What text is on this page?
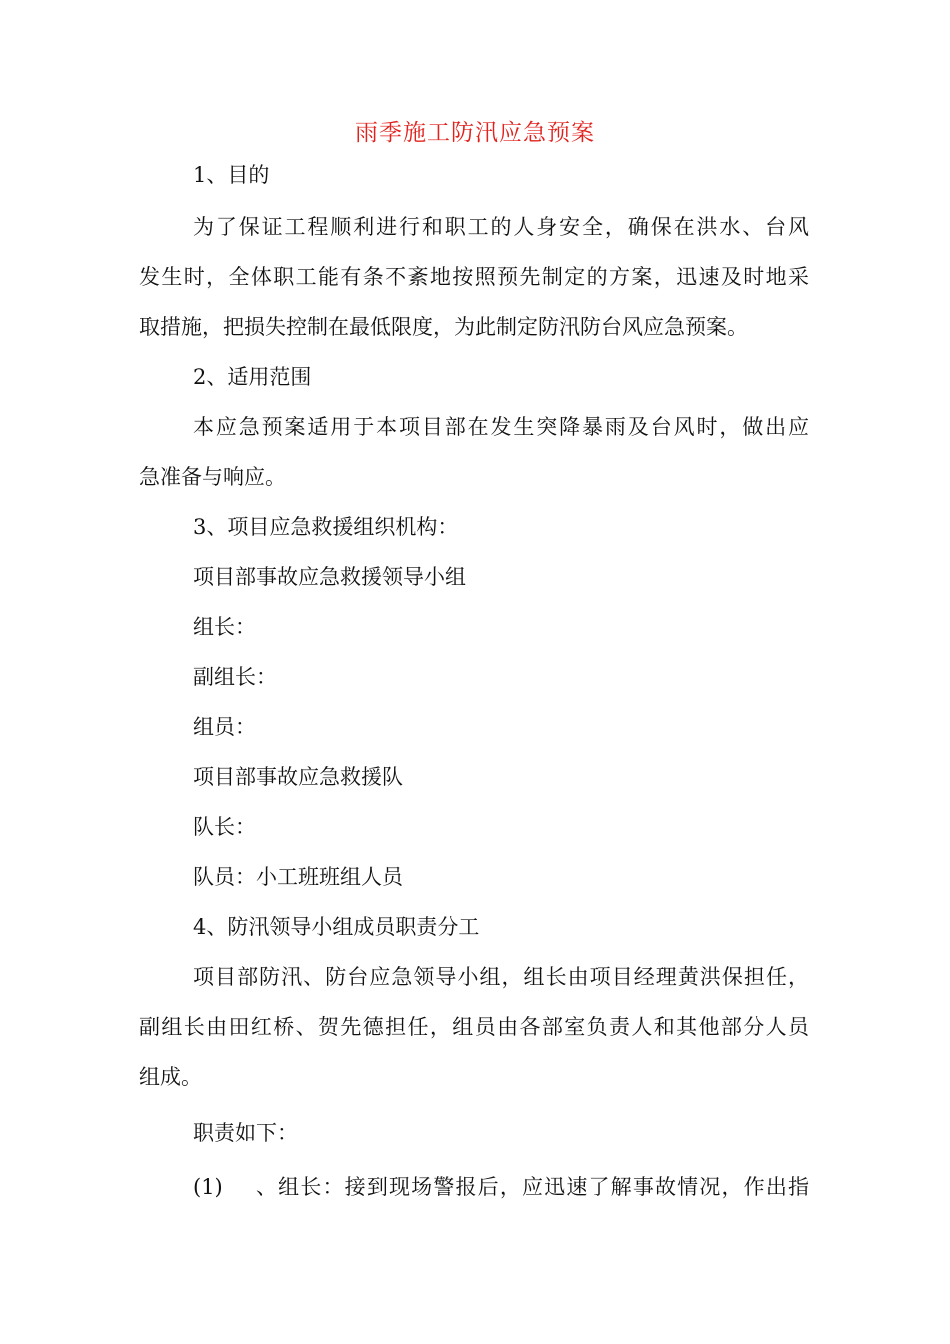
雨季施工防汛应急预案
1、目的
为了保证工程顺利进行和职工的人身安全，确保在洪水、台风
发生时，全体职工能有条不紊地按照预先制定的方案，迅速及时地采
取措施，把损失控制在最低限度，为此制定防汛防台风应急预案。
2、适用范围
本应急预案适用于本项目部在发生突降暴雨及台风时，做出应
急准备与响应。
3、项目应急救援组织机构：
项目部事故应急救援领导小组
组长：
副组长：
组员：
项目部事故应急救援队
队长：
队员：小工班班组人员
4、防汛领导小组成员职责分工
项目部防汛、防台应急领导小组，组长由项目经理黄洪保担任，
副组长由田红桥、贺先德担任，组员由各部室负责人和其他部分人员
组成。
职责如下：
(1) 、组长：接到现场警报后，应迅速了解事故情况，作出指
